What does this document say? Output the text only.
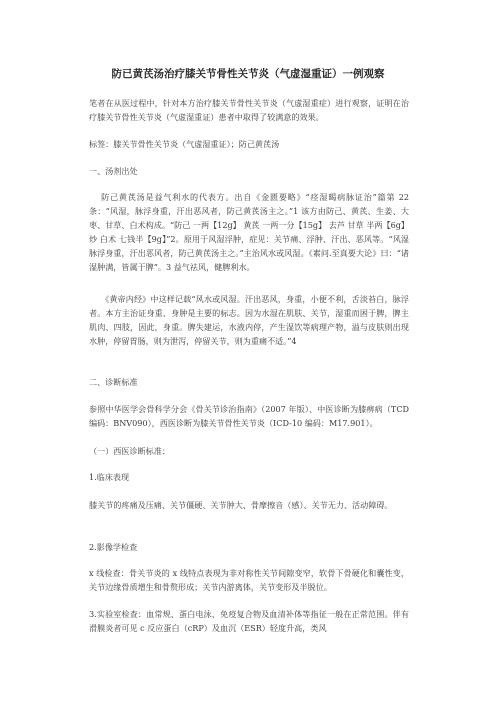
防已黄芪汤治疗膝关节骨性关节炎（气虚湿重证）一例观察

笔者在从医过程中，针对本方治疗膝关节骨性关节炎（气虚湿重症）进行观察，证明在治疗膝关节骨性关节炎（气虚湿重证）患者中取得了较满意的效果。

标签：膝关节骨性关节炎（气虚湿重证）；防己黄芪汤

一、汤剂出处

防己黄芪汤是益气利水的代表方。出自《金匮要略》“痉湿暍病脉证治”篇第 22 条：“风湿，脉浮身重，汗出恶风者，防己黄芪汤主之。”1 该方由防己、黄芪、生姜、大枣、甘草、白术构成。“防己 一两【12g】 黄芪 一两一分【15g】 去芦 甘草 半两【6g】炒 白术 七钱半【9g】”2。原用于风湿浮肿，症见：关节痛、浮肿、汗出、恶风等。“风湿脉浮身重，汗出恶风者，防己黄芪汤主之。”主治风水或风湿。《素问.至真要大论》曰：“诸湿肿满，皆属于脾”。3 益气祛风，健脾利水。

《黄帝内经》中这样记载“风水或风湿。汗出恶风，身重，小便不利，舌淡苔白，脉浮者。本方主治证身重、身肿是主要的标志。因为水湿在肌肤、关节，湿重而困于脾，脾主肌肉、四肢，因此，身重。脾失建运，水液内停，产生湿饮等病理产物，溢与皮肤则出现水肿，停留胃肠，则为泄泻，停留关节，则为重痛不适。”4

二、诊断标准

参照中华医学会骨科学分会《骨关节诊治指南》（2007 年版）、中医诊断为膝痹病（TCD 编码：BNV090），西医诊断为膝关节骨性关节炎（ICD-10 编码：M17.901）。

（一）西医诊断标准：

1.临床表现

膝关节的疼痛及压痛、关节僵硬、关节肿大、骨摩擦音（感）、关节无力、活动障碍。

2.影像学检查

x 线检查：骨关节炎的 x 线特点表现为非对称性关节间隙变窄，软骨下骨硬化和囊性变，关节边缘骨质增生和骨赘形成；关节内游离体，关节变形及半脱位。

3.实验室检查：血常规、蛋白电泳、免疫复合物及血清补体等指征一般在正常范围。伴有滑膜炎者可见 c 反应蛋白（cRP）及血沉（ESR）轻度升高，类风
